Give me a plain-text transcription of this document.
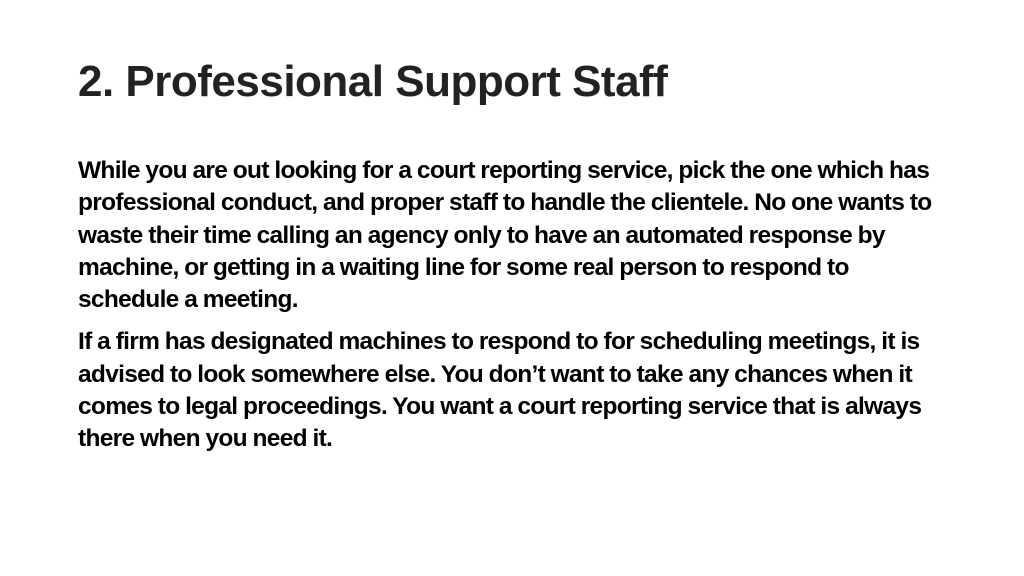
2. Professional Support Staff

While you are out looking for a court reporting service, pick the one which has professional conduct, and proper staff to handle the clientele. No one wants to waste their time calling an agency only to have an automated response by machine, or getting in a waiting line for some real person to respond to schedule a meeting.

If a firm has designated machines to respond to for scheduling meetings, it is advised to look somewhere else. You don’t want to take any chances when it comes to legal proceedings. You want a court reporting service that is always there when you need it.
